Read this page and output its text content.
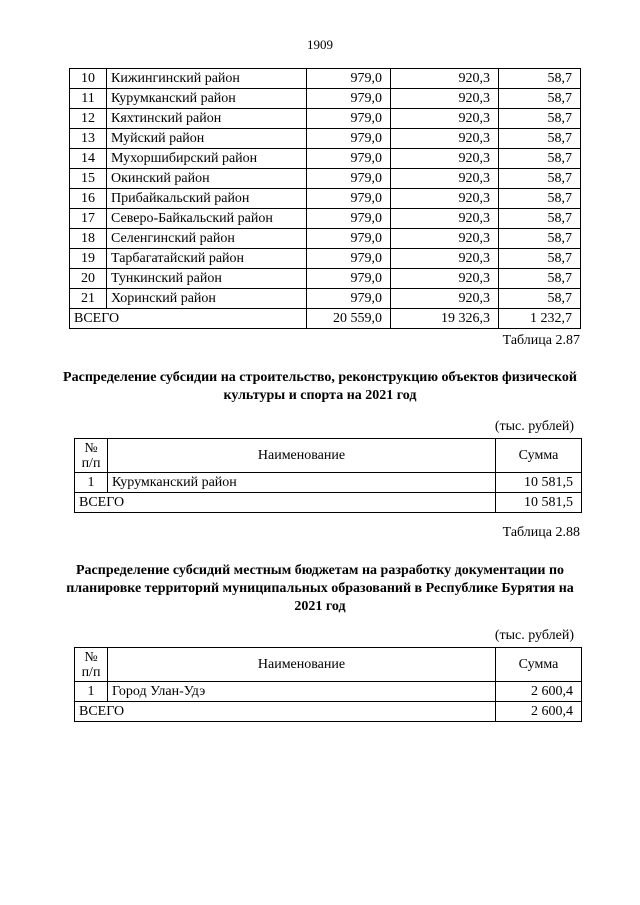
1909
10	Кижингинский район	979,0	920,3	58,7
11	Курумканский район	979,0	920,3	58,7
12	Кяхтинский район	979,0	920,3	58,7
13	Муйский район	979,0	920,3	58,7
14	Мухоршибирский район	979,0	920,3	58,7
15	Окинский район	979,0	920,3	58,7
16	Прибайкальский район	979,0	920,3	58,7
17	Северо-Байкальский район	979,0	920,3	58,7
18	Селенгинский район	979,0	920,3	58,7
19	Тарбагатайский район	979,0	920,3	58,7
20	Тункинский район	979,0	920,3	58,7
21	Хоринский район	979,0	920,3	58,7
ВСЕГО		20 559,0	19 326,3	1 232,7
Таблица 2.87
Распределение субсидии на строительство, реконструкцию объектов физической культуры и спорта на 2021 год
(тыс. рублей)
№
п/п	Наименование	Сумма
1	Курумканский район	10 581,5
ВСЕГО		10 581,5
Таблица 2.88
Распределение субсидий местным бюджетам на разработку документации по планировке территорий муниципальных образований в Республике Бурятия на 2021 год
(тыс. рублей)
№
п/п	Наименование	Сумма
1	Город Улан-Удэ	2 600,4
ВСЕГО		2 600,4
